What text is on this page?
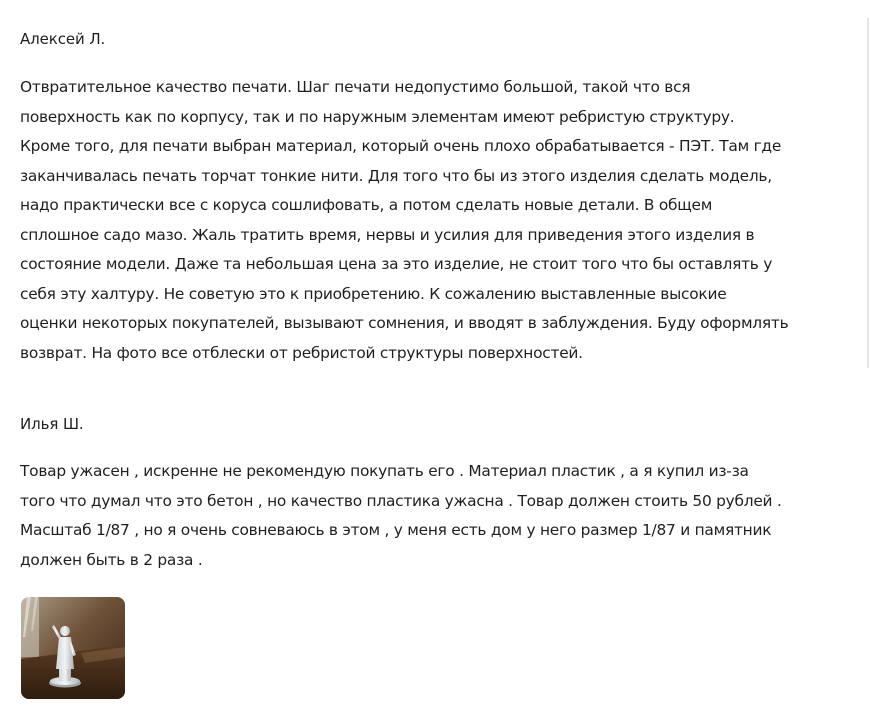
Алексей Л.

Отвратительное качество печати. Шаг печати недопустимо большой, такой что вся
поверхность как по корпусу, так и по наружным элементам имеют ребристую структуру.
Кроме того, для печати выбран материал, который очень плохо обрабатывается - ПЭТ. Там где
заканчивалась печать торчат тонкие нити. Для того что бы из этого изделия сделать модель,
надо практически все с коруса сошлифовать, а потом сделать новые детали. В общем
сплошное садо мазо. Жаль тратить время, нервы и усилия для приведения этого изделия в
состояние модели. Даже та небольшая цена за это изделие, не стоит того что бы оставлять у
себя эту халтуру. Не советую это к приобретению. К сожалению выставленные высокие
оценки некоторых покупателей, вызывают сомнения, и вводят в заблуждения. Буду оформлять
возврат. На фото все отблески от ребристой структуры поверхностей.

Илья Ш.

Товар ужасен , искренне не рекомендую покупать его . Материал пластик , а я купил из-за
того что думал что это бетон , но качество пластика ужасна . Товар должен стоить 50 рублей .
Масштаб 1/87 , но я очень совневаюсь в этом , у меня есть дом у него размер 1/87 и памятник
должен быть в 2 раза .
